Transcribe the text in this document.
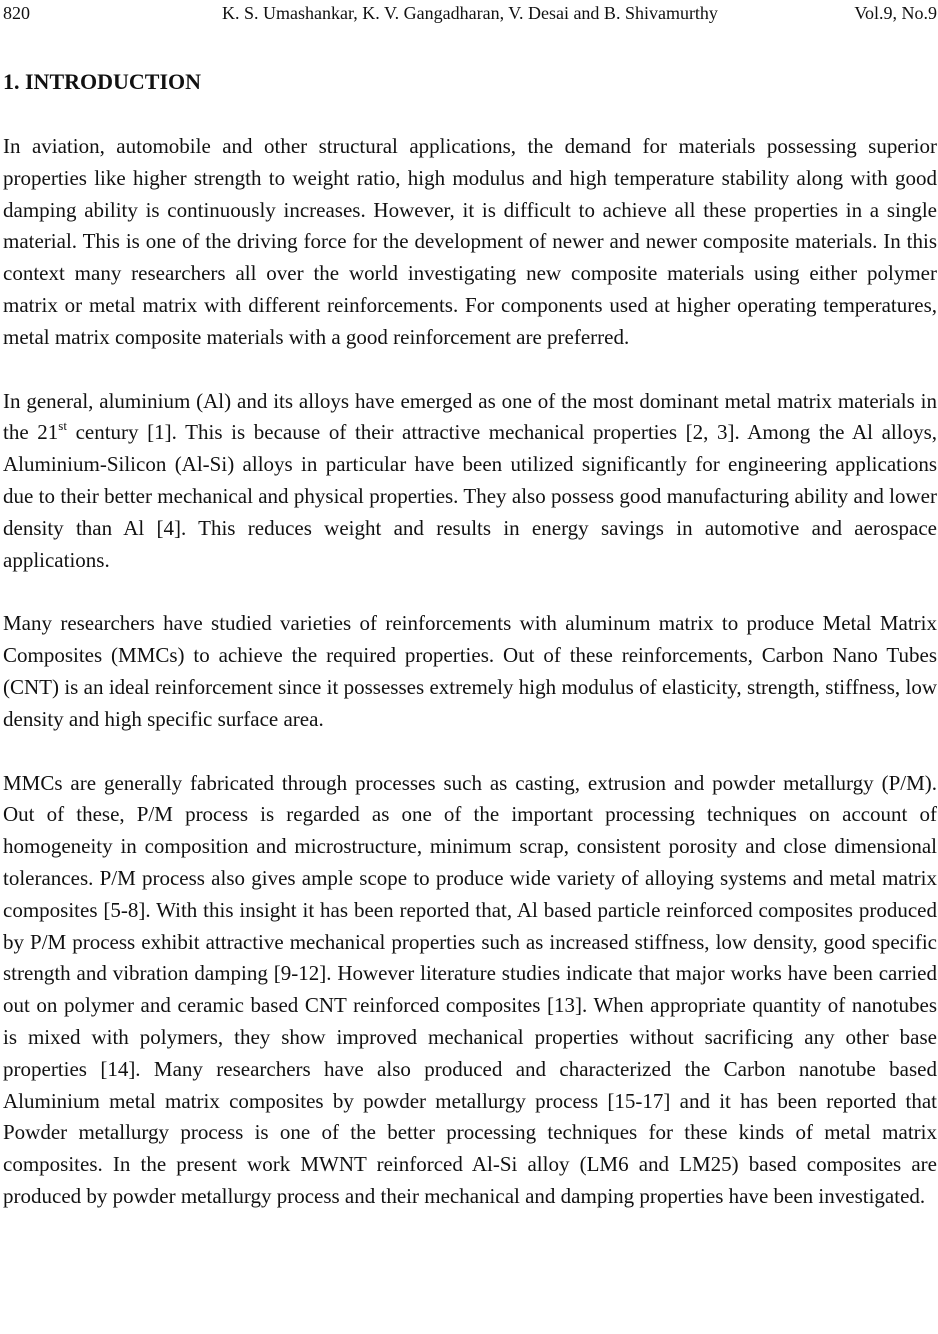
820	K. S. Umashankar, K. V. Gangadharan, V. Desai and B. Shivamurthy	Vol.9, No.9
1. INTRODUCTION

In aviation, automobile and other structural applications, the demand for materials possessing superior properties like higher strength to weight ratio, high modulus and high temperature stability along with good damping ability is continuously increases. However, it is difficult to achieve all these properties in a single material. This is one of the driving force for the development of newer and newer composite materials. In this context many researchers all over the world investigating new composite materials using either polymer matrix or metal matrix with different reinforcements. For components used at higher operating temperatures, metal matrix composite materials with a good reinforcement are preferred.

In general, aluminium (Al) and its alloys have emerged as one of the most dominant metal matrix materials in the 21st century [1]. This is because of their attractive mechanical properties [2, 3]. Among the Al alloys, Aluminium-Silicon (Al-Si) alloys in particular have been utilized significantly for engineering applications due to their better mechanical and physical properties. They also possess good manufacturing ability and lower density than Al [4]. This reduces weight and results in energy savings in automotive and aerospace applications.

Many researchers have studied varieties of reinforcements with aluminum matrix to produce Metal Matrix Composites (MMCs) to achieve the required properties. Out of these reinforcements, Carbon Nano Tubes (CNT) is an ideal reinforcement since it possesses extremely high modulus of elasticity, strength, stiffness, low density and high specific surface area.

MMCs are generally fabricated through processes such as casting, extrusion and powder metallurgy (P/M). Out of these, P/M process is regarded as one of the important processing techniques on account of homogeneity in composition and microstructure, minimum scrap, consistent porosity and close dimensional tolerances. P/M process also gives ample scope to produce wide variety of alloying systems and metal matrix composites [5-8]. With this insight it has been reported that, Al based particle reinforced composites produced by P/M process exhibit attractive mechanical properties such as increased stiffness, low density, good specific strength and vibration damping [9-12]. However literature studies indicate that major works have been carried out on polymer and ceramic based CNT reinforced composites [13]. When appropriate quantity of nanotubes is mixed with polymers, they show improved mechanical properties without sacrificing any other base properties [14]. Many researchers have also produced and characterized the Carbon nanotube based Aluminium metal matrix composites by powder metallurgy process [15-17] and it has been reported that Powder metallurgy process is one of the better processing techniques for these kinds of metal matrix composites. In the present work MWNT reinforced Al-Si alloy (LM6 and LM25) based composites are produced by powder metallurgy process and their mechanical and damping properties have been investigated.
